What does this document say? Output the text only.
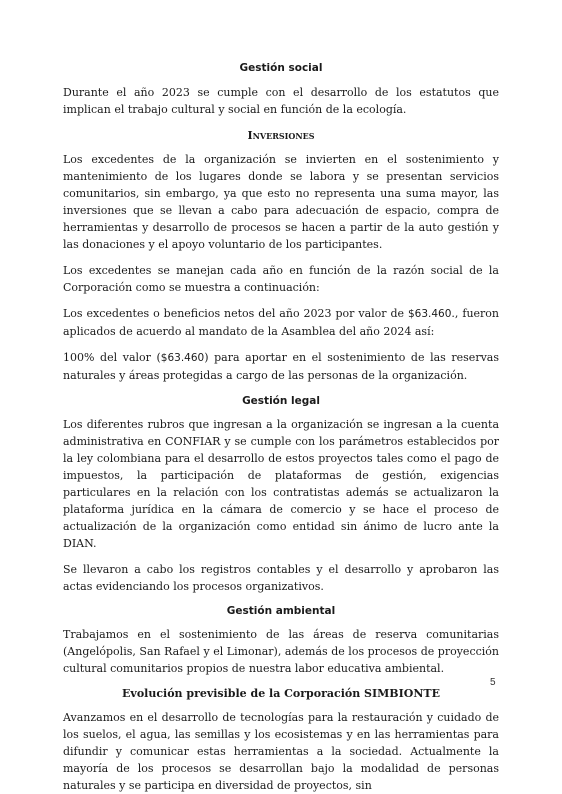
Gestión social

Durante el año 2023 se cumple con el desarrollo de los estatutos que implican el trabajo cultural y social en función de la ecología.

Inversiones

Los excedentes de la organización se invierten en el sostenimiento y mantenimiento de los lugares donde se labora y se presentan servicios comunitarios, sin embargo, ya que esto no representa una suma mayor, las inversiones que se llevan a cabo para adecuación de espacio, compra de herramientas y desarrollo de procesos se hacen a partir de la auto gestión y las donaciones y el apoyo voluntario de los participantes.

Los excedentes se manejan cada año en función de la razón social de la Corporación como se muestra a continuación:

Los excedentes o beneficios netos del año 2023 por valor de $63.460., fueron aplicados de acuerdo al mandato de la Asamblea del año 2024 así:

100% del valor ($63.460) para aportar en el sostenimiento de las reservas naturales y áreas protegidas a cargo de las personas de la organización.

Gestión legal

Los diferentes rubros que ingresan a la organización se ingresan a la cuenta administrativa en CONFIAR y se cumple con los parámetros establecidos por la ley colombiana para el desarrollo de estos proyectos tales como el pago de impuestos, la participación de plataformas de gestión, exigencias particulares en la relación con los contratistas además se actualizaron la plataforma jurídica en la cámara de comercio y se hace el proceso de actualización de la organización como entidad sin ánimo de lucro ante la DIAN.

Se llevaron a cabo los registros contables y el desarrollo y aprobaron las actas evidenciando los procesos organizativos.

Gestión ambiental

Trabajamos en el sostenimiento de las áreas de reserva comunitarias (Angelópolis, San Rafael y el Limonar), además de los procesos de proyección cultural comunitarios propios de nuestra labor educativa ambiental.

Evolución previsible de la Corporación SIMBIONTE

Avanzamos en el desarrollo de tecnologías para la restauración y cuidado de los suelos, el agua, las semillas y los ecosistemas y en las herramientas para difundir y comunicar estas herramientas a la sociedad. Actualmente la mayoría de los procesos se desarrollan bajo la modalidad de personas naturales y se participa en diversidad de proyectos, sin

5
